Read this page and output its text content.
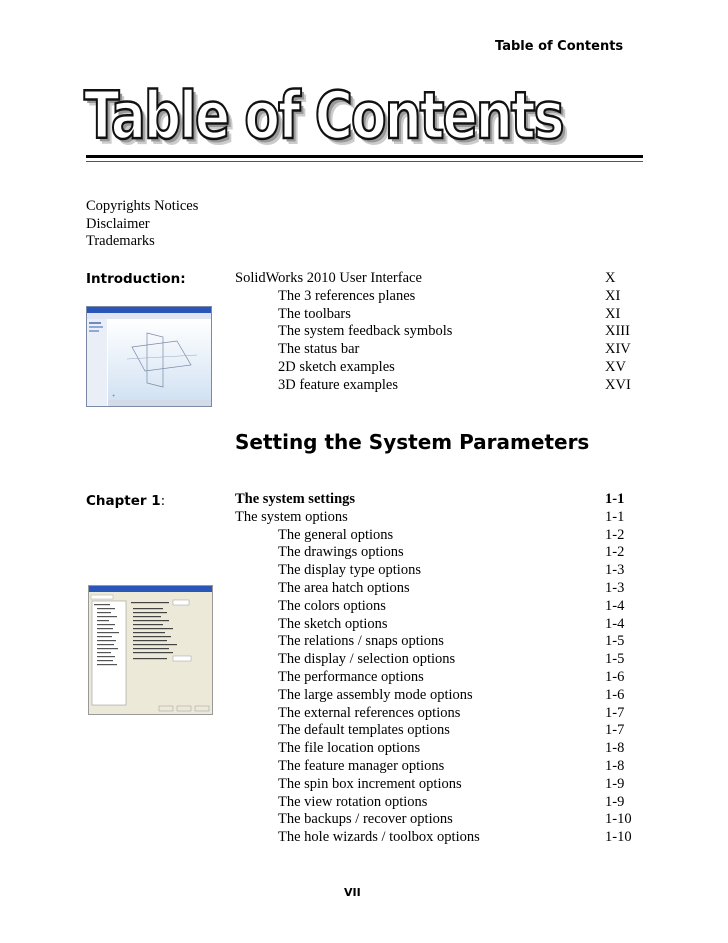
Table of Contents
Table of Contents
Copyrights Notices
Disclaimer
Trademarks
Introduction:	SolidWorks 2010 User Interface	X
The 3 references planes	XI
The toolbars	XI
The system feedback symbols	XIII
The status bar	XIV
2D sketch examples	XV
3D feature examples	XVI
+
Setting the System Parameters
Chapter 1:	The system settings	1-1
The system options	1-1
The general options	1-2
The drawings options	1-2
The display type options	1-3
The area hatch options	1-3
The colors options	1-4
The sketch options	1-4
The relations / snaps options	1-5
The display / selection options	1-5
The performance options	1-6
The large assembly mode options	1-6
The external references options	1-7
The default templates options	1-7
The file location options	1-8
The feature manager options	1-8
The spin box increment options	1-9
The view rotation options	1-9
The backups / recover options	1-10
The hole wizards / toolbox options	1-10
VII
